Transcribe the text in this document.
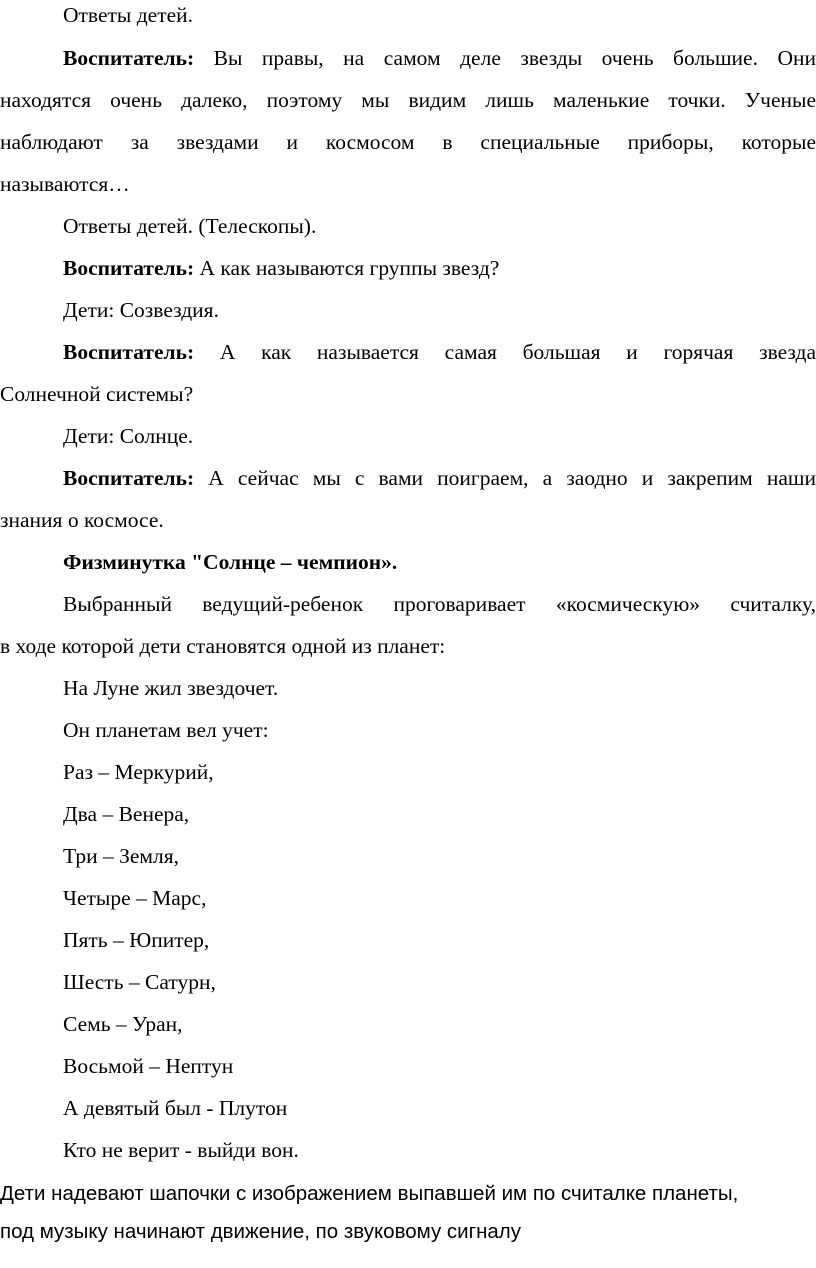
Ответы детей.
Воспитатель: Вы правы, на самом деле звезды очень большие. Они
находятся очень далеко, поэтому мы видим лишь маленькие точки. Ученые
наблюдают за звездами и космосом в специальные приборы, которые
называются…
Ответы детей. (Телескопы).
Воспитатель: А как называются группы звезд?
Дети: Созвездия.
Воспитатель: А как называется самая большая и горячая звезда
Солнечной системы?
Дети: Солнце.
Воспитатель: А сейчас мы с вами поиграем, а заодно и закрепим наши
знания о космосе.
Физминутка "Солнце – чемпион».
Выбранный ведущий-ребенок проговаривает «космическую» считалку,
в ходе которой дети становятся одной из планет:
На Луне жил звездочет.
Он планетам вел учет:
Раз – Меркурий,
Два – Венера,
Три – Земля,
Четыре – Марс,
Пять – Юпитер,
Шесть – Сатурн,
Семь – Уран,
Восьмой – Нептун
А девятый был - Плутон
Кто не верит - выйди вон.
Дети надевают шапочки с изображением выпавшей им по считалке планеты,
под музыку начинают движение, по звуковому сигналу
